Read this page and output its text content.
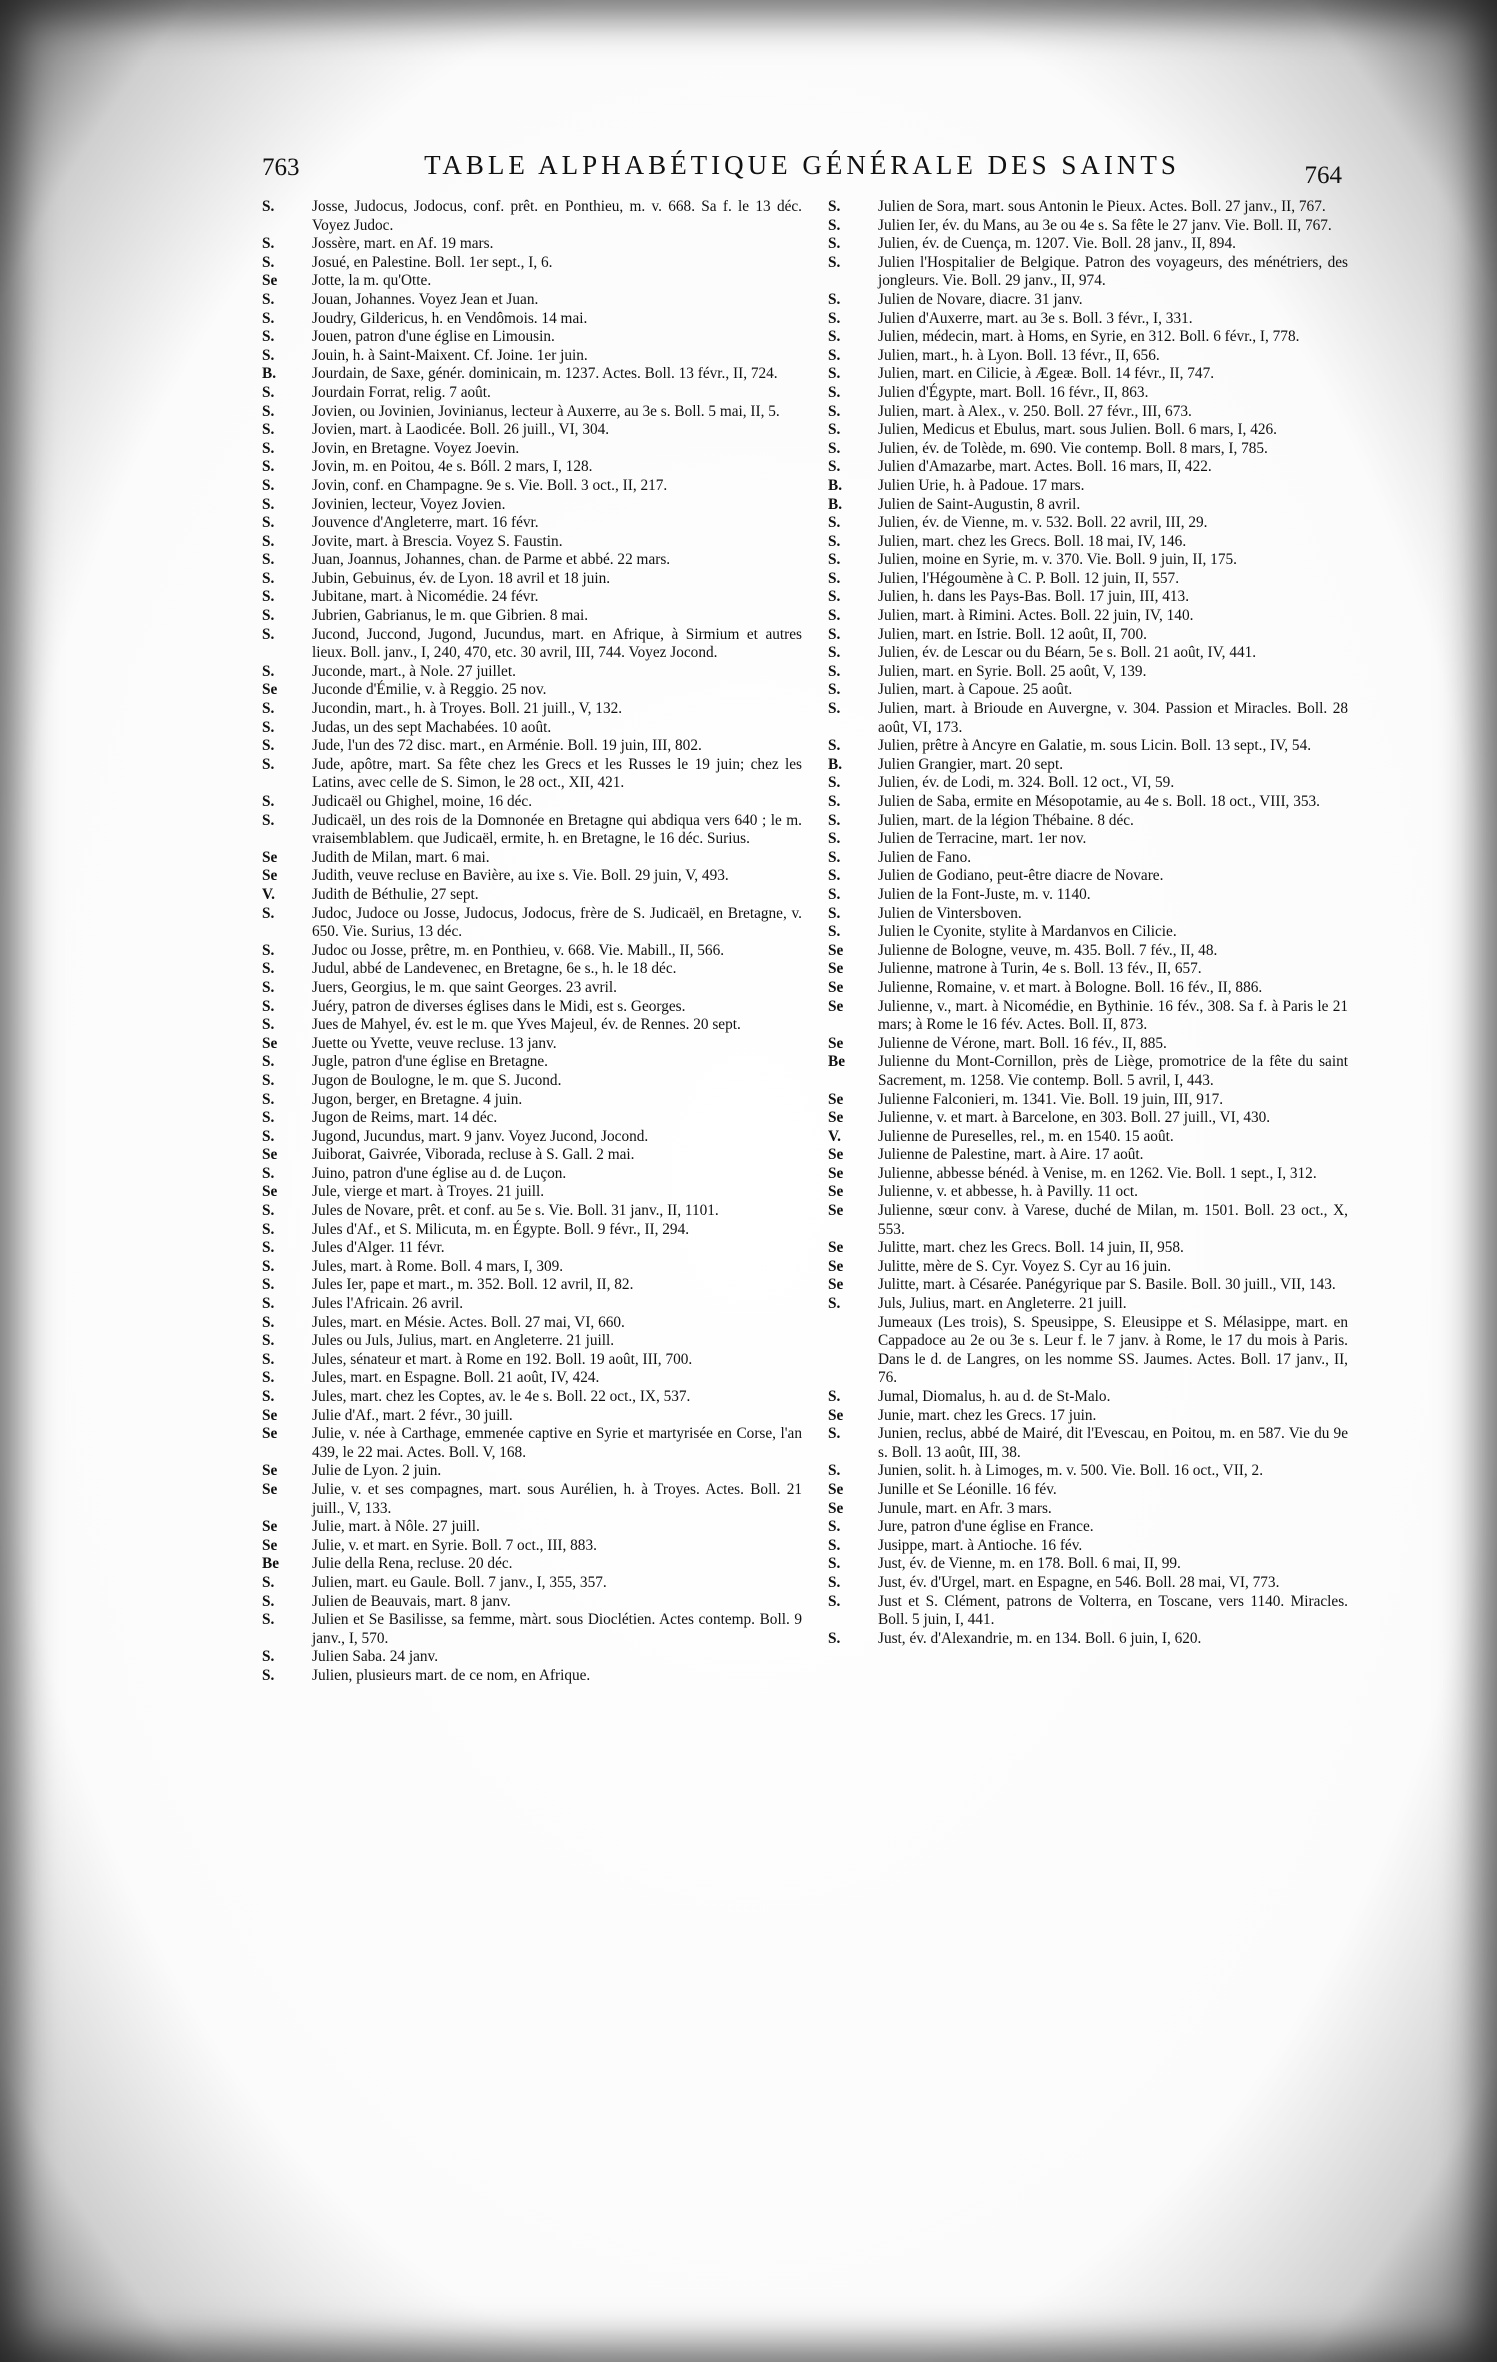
763	TABLE ALPHABÉTIQUE GÉNÉRALE DES SAINTS	764

S. Josse, Judocus, Jodocus, conf. prêt. en Ponthieu, m. v. 668. Sa f. le 13 déc. Voyez Judoc.

S. Jossère, mart. en Af. 19 mars.

S. Josué, en Palestine. Boll. 1er sept., I, 6.

Se Jotte, la m. qu'Otte.

S. Jouan, Johannes. Voyez Jean et Juan.

S. Joudry, Gildericus, h. en Vendômois. 14 mai.

S. Jouen, patron d'une église en Limousin.

S. Jouin, h. à Saint-Maixent. Cf. Joine. 1er juin.

B. Jourdain, de Saxe, génér. dominicain, m. 1237. Actes. Boll. 13 févr., II, 724.

S. Jourdain Forrat, relig. 7 août.

S. Jovien, ou Jovinien, Jovinianus, lecteur à Auxerre, au 3e s. Boll. 5 mai, II, 5.

S. Jovien, mart. à Laodicée. Boll. 26 juill., VI, 304.

S. Jovin, en Bretagne. Voyez Joevin.

S. Jovin, m. en Poitou, 4e s. Bóll. 2 mars, I, 128.

S. Jovin, conf. en Champagne. 9e s. Vie. Boll. 3 oct., II, 217.

S. Jovinien, lecteur, Voyez Jovien.

S. Jouvence d'Angleterre, mart. 16 févr.

S. Jovite, mart. à Brescia. Voyez S. Faustin.

S. Juan, Joannus, Johannes, chan. de Parme et abbé. 22 mars.

S. Jubin, Gebuinus, év. de Lyon. 18 avril et 18 juin.

S. Jubitane, mart. à Nicomédie. 24 févr.

S. Jubrien, Gabrianus, le m. que Gibrien. 8 mai.

S. Jucond, Juccond, Jugond, Jucundus, mart. en Afrique, à Sirmium et autres lieux. Boll. janv., I, 240, 470, etc. 30 avril, III, 744. Voyez Jocond.

S. Juconde, mart., à Nole. 27 juillet.

Se Juconde d'Émilie, v. à Reggio. 25 nov.

S. Jucondin, mart., h. à Troyes. Boll. 21 juill., V, 132.

S. Judas, un des sept Machabées. 10 août.

S. Jude, l'un des 72 disc. mart., en Arménie. Boll. 19 juin, III, 802.

S. Jude, apôtre, mart. Sa fête chez les Grecs et les Russes le 19 juin; chez les Latins, avec celle de S. Simon, le 28 oct., XII, 421.

S. Judicaël ou Ghighel, moine, 16 déc.

S. Judicaël, un des rois de la Domnonée en Bretagne qui abdiqua vers 640 ; le m. vraisemblablem. que Judicaël, ermite, h. en Bretagne, le 16 déc. Surius.

Se Judith de Milan, mart. 6 mai.

Se Judith, veuve recluse en Bavière, au ixe s. Vie. Boll. 29 juin, V, 493.

V. Judith de Béthulie, 27 sept.

S. Judoc, Judoce ou Josse, Judocus, Jodocus, frère de S. Judicaël, en Bretagne, v. 650. Vie. Surius, 13 déc.

S. Judoc ou Josse, prêtre, m. en Ponthieu, v. 668. Vie. Mabill., II, 566.

S. Judul, abbé de Landevenec, en Bretagne, 6e s., h. le 18 déc.

S. Juers, Georgius, le m. que saint Georges. 23 avril.

S. Juéry, patron de diverses églises dans le Midi, est s. Georges.

S. Jues de Mahyel, év. est le m. que Yves Majeul, év. de Rennes. 20 sept.

Se Juette ou Yvette, veuve recluse. 13 janv.

S. Jugle, patron d'une église en Bretagne.

S. Jugon de Boulogne, le m. que S. Jucond.

S. Jugon, berger, en Bretagne. 4 juin.

S. Jugon de Reims, mart. 14 déc.

S. Jugond, Jucundus, mart. 9 janv. Voyez Jucond, Jocond.

Se Juiborat, Gaivrée, Viborada, recluse à S. Gall. 2 mai.

S. Juino, patron d'une église au d. de Luçon.

Se Jule, vierge et mart. à Troyes. 21 juill.

S. Jules de Novare, prêt. et conf. au 5e s. Vie. Boll. 31 janv., II, 1101.

S. Jules d'Af., et S. Milicuta, m. en Égypte. Boll. 9 févr., II, 294.

S. Jules d'Alger. 11 févr.

S. Jules, mart. à Rome. Boll. 4 mars, I, 309.

S. Jules Ier, pape et mart., m. 352. Boll. 12 avril, II, 82.

S. Jules l'Africain. 26 avril.

S. Jules, mart. en Mésie. Actes. Boll. 27 mai, VI, 660.

S. Jules ou Juls, Julius, mart. en Angleterre. 21 juill.

S. Jules, sénateur et mart. à Rome en 192. Boll. 19 août, III, 700.

S. Jules, mart. en Espagne. Boll. 21 août, IV, 424.

S. Jules, mart. chez les Coptes, av. le 4e s. Boll. 22 oct., IX, 537.

Se Julie d'Af., mart. 2 févr., 30 juill.

Se Julie, v. née à Carthage, emmenée captive en Syrie et martyrisée en Corse, l'an 439, le 22 mai. Actes. Boll. V, 168.

Se Julie de Lyon. 2 juin.

Se Julie, v. et ses compagnes, mart. sous Aurélien, h. à Troyes. Actes. Boll. 21 juill., V, 133.

Se Julie, mart. à Nôle. 27 juill.

Se Julie, v. et mart. en Syrie. Boll. 7 oct., III, 883.

Be Julie della Rena, recluse. 20 déc.

S. Julien, mart. eu Gaule. Boll. 7 janv., I, 355, 357.

S. Julien de Beauvais, mart. 8 janv.

S. Julien et Se Basilisse, sa femme, màrt. sous Dioclétien. Actes contemp. Boll. 9 janv., I, 570.

S. Julien Saba. 24 janv.

S. Julien, plusieurs mart. de ce nom, en Afrique.

S. Julien de Sora, mart. sous Antonin le Pieux. Actes. Boll. 27 janv., II, 767.

S. Julien Ier, év. du Mans, au 3e ou 4e s. Sa fête le 27 janv. Vie. Boll. II, 767.

S. Julien, év. de Cuença, m. 1207. Vie. Boll. 28 janv., II, 894.

S. Julien l'Hospitalier de Belgique. Patron des voyageurs, des ménétriers, des jongleurs. Vie. Boll. 29 janv., II, 974.

S. Julien de Novare, diacre. 31 janv.

S. Julien d'Auxerre, mart. au 3e s. Boll. 3 févr., I, 331.

S. Julien, médecin, mart. à Homs, en Syrie, en 312. Boll. 6 févr., I, 778.

S. Julien, mart., h. à Lyon. Boll. 13 févr., II, 656.

S. Julien, mart. en Cilicie, à Ægeæ. Boll. 14 févr., II, 747.

S. Julien d'Égypte, mart. Boll. 16 févr., II, 863.

S. Julien, mart. à Alex., v. 250. Boll. 27 févr., III, 673.

S. Julien, Medicus et Ebulus, mart. sous Julien. Boll. 6 mars, I, 426.

S. Julien, év. de Tolède, m. 690. Vie contemp. Boll. 8 mars, I, 785.

S. Julien d'Amazarbe, mart. Actes. Boll. 16 mars, II, 422.

B. Julien Urie, h. à Padoue. 17 mars.

B. Julien de Saint-Augustin, 8 avril.

S. Julien, év. de Vienne, m. v. 532. Boll. 22 avril, III, 29.

S. Julien, mart. chez les Grecs. Boll. 18 mai, IV, 146.

S. Julien, moine en Syrie, m. v. 370. Vie. Boll. 9 juin, II, 175.

S. Julien, l'Hégoumène à C. P. Boll. 12 juin, II, 557.

S. Julien, h. dans les Pays-Bas. Boll. 17 juin, III, 413.

S. Julien, mart. à Rimini. Actes. Boll. 22 juin, IV, 140.

S. Julien, mart. en Istrie. Boll. 12 août, II, 700.

S. Julien, év. de Lescar ou du Béarn, 5e s. Boll. 21 août, IV, 441.

S. Julien, mart. en Syrie. Boll. 25 août, V, 139.

S. Julien, mart. à Capoue. 25 août.

S. Julien, mart. à Brioude en Auvergne, v. 304. Passion et Miracles. Boll. 28 août, VI, 173.

S. Julien, prêtre à Ancyre en Galatie, m. sous Licin. Boll. 13 sept., IV, 54.

B. Julien Grangier, mart. 20 sept.

S. Julien, év. de Lodi, m. 324. Boll. 12 oct., VI, 59.

S. Julien de Saba, ermite en Mésopotamie, au 4e s. Boll. 18 oct., VIII, 353.

S. Julien, mart. de la légion Thébaine. 8 déc.

S. Julien de Terracine, mart. 1er nov.

S. Julien de Fano.

S. Julien de Godiano, peut-être diacre de Novare.

S. Julien de la Font-Juste, m. v. 1140.

S. Julien de Vintersboven.

S. Julien le Cyonite, stylite à Mardanvos en Cilicie.

Se Julienne de Bologne, veuve, m. 435. Boll. 7 fév., II, 48.

Se Julienne, matrone à Turin, 4e s. Boll. 13 fév., II, 657.

Se Julienne, Romaine, v. et mart. à Bologne. Boll. 16 fév., II, 886.

Se Julienne, v., mart. à Nicomédie, en Bythinie. 16 fév., 308. Sa f. à Paris le 21 mars; à Rome le 16 fév. Actes. Boll. II, 873.

Se Julienne de Vérone, mart. Boll. 16 fév., II, 885.

Be Julienne du Mont-Cornillon, près de Liège, promotrice de la fête du saint Sacrement, m. 1258. Vie contemp. Boll. 5 avril, I, 443.

Se Julienne Falconieri, m. 1341. Vie. Boll. 19 juin, III, 917.

Se Julienne, v. et mart. à Barcelone, en 303. Boll. 27 juill., VI, 430.

V. Julienne de Pureselles, rel., m. en 1540. 15 août.

Se Julienne de Palestine, mart. à Aire. 17 août.

Se Julienne, abbesse bénéd. à Venise, m. en 1262. Vie. Boll. 1 sept., I, 312.

Se Julienne, v. et abbesse, h. à Pavilly. 11 oct.

Se Julienne, sœur conv. à Varese, duché de Milan, m. 1501. Boll. 23 oct., X, 553.

Se Julitte, mart. chez les Grecs. Boll. 14 juin, II, 958.

Se Julitte, mère de S. Cyr. Voyez S. Cyr au 16 juin.

Se Julitte, mart. à Césarée. Panégyrique par S. Basile. Boll. 30 juill., VII, 143.

S. Juls, Julius, mart. en Angleterre. 21 juill.

Jumeaux (Les trois), S. Speusippe, S. Eleusippe et S. Mélasippe, mart. en Cappadoce au 2e ou 3e s. Leur f. le 7 janv. à Rome, le 17 du mois à Paris. Dans le d. de Langres, on les nomme SS. Jaumes. Actes. Boll. 17 janv., II, 76.

S. Jumal, Diomalus, h. au d. de St-Malo.

Se Junie, mart. chez les Grecs. 17 juin.

S. Junien, reclus, abbé de Mairé, dit l'Evescau, en Poitou, m. en 587. Vie du 9e s. Boll. 13 août, III, 38.

S. Junien, solit. h. à Limoges, m. v. 500. Vie. Boll. 16 oct., VII, 2.

Se Junille et Se Léonille. 16 fév.

Se Junule, mart. en Afr. 3 mars.

S. Jure, patron d'une église en France.

S. Jusippe, mart. à Antioche. 16 fév.

S. Just, év. de Vienne, m. en 178. Boll. 6 mai, II, 99.

S. Just, év. d'Urgel, mart. en Espagne, en 546. Boll. 28 mai, VI, 773.

S. Just et S. Clément, patrons de Volterra, en Toscane, vers 1140. Miracles. Boll. 5 juin, I, 441.

S. Just, év. d'Alexandrie, m. en 134. Boll. 6 juin, I, 620.
